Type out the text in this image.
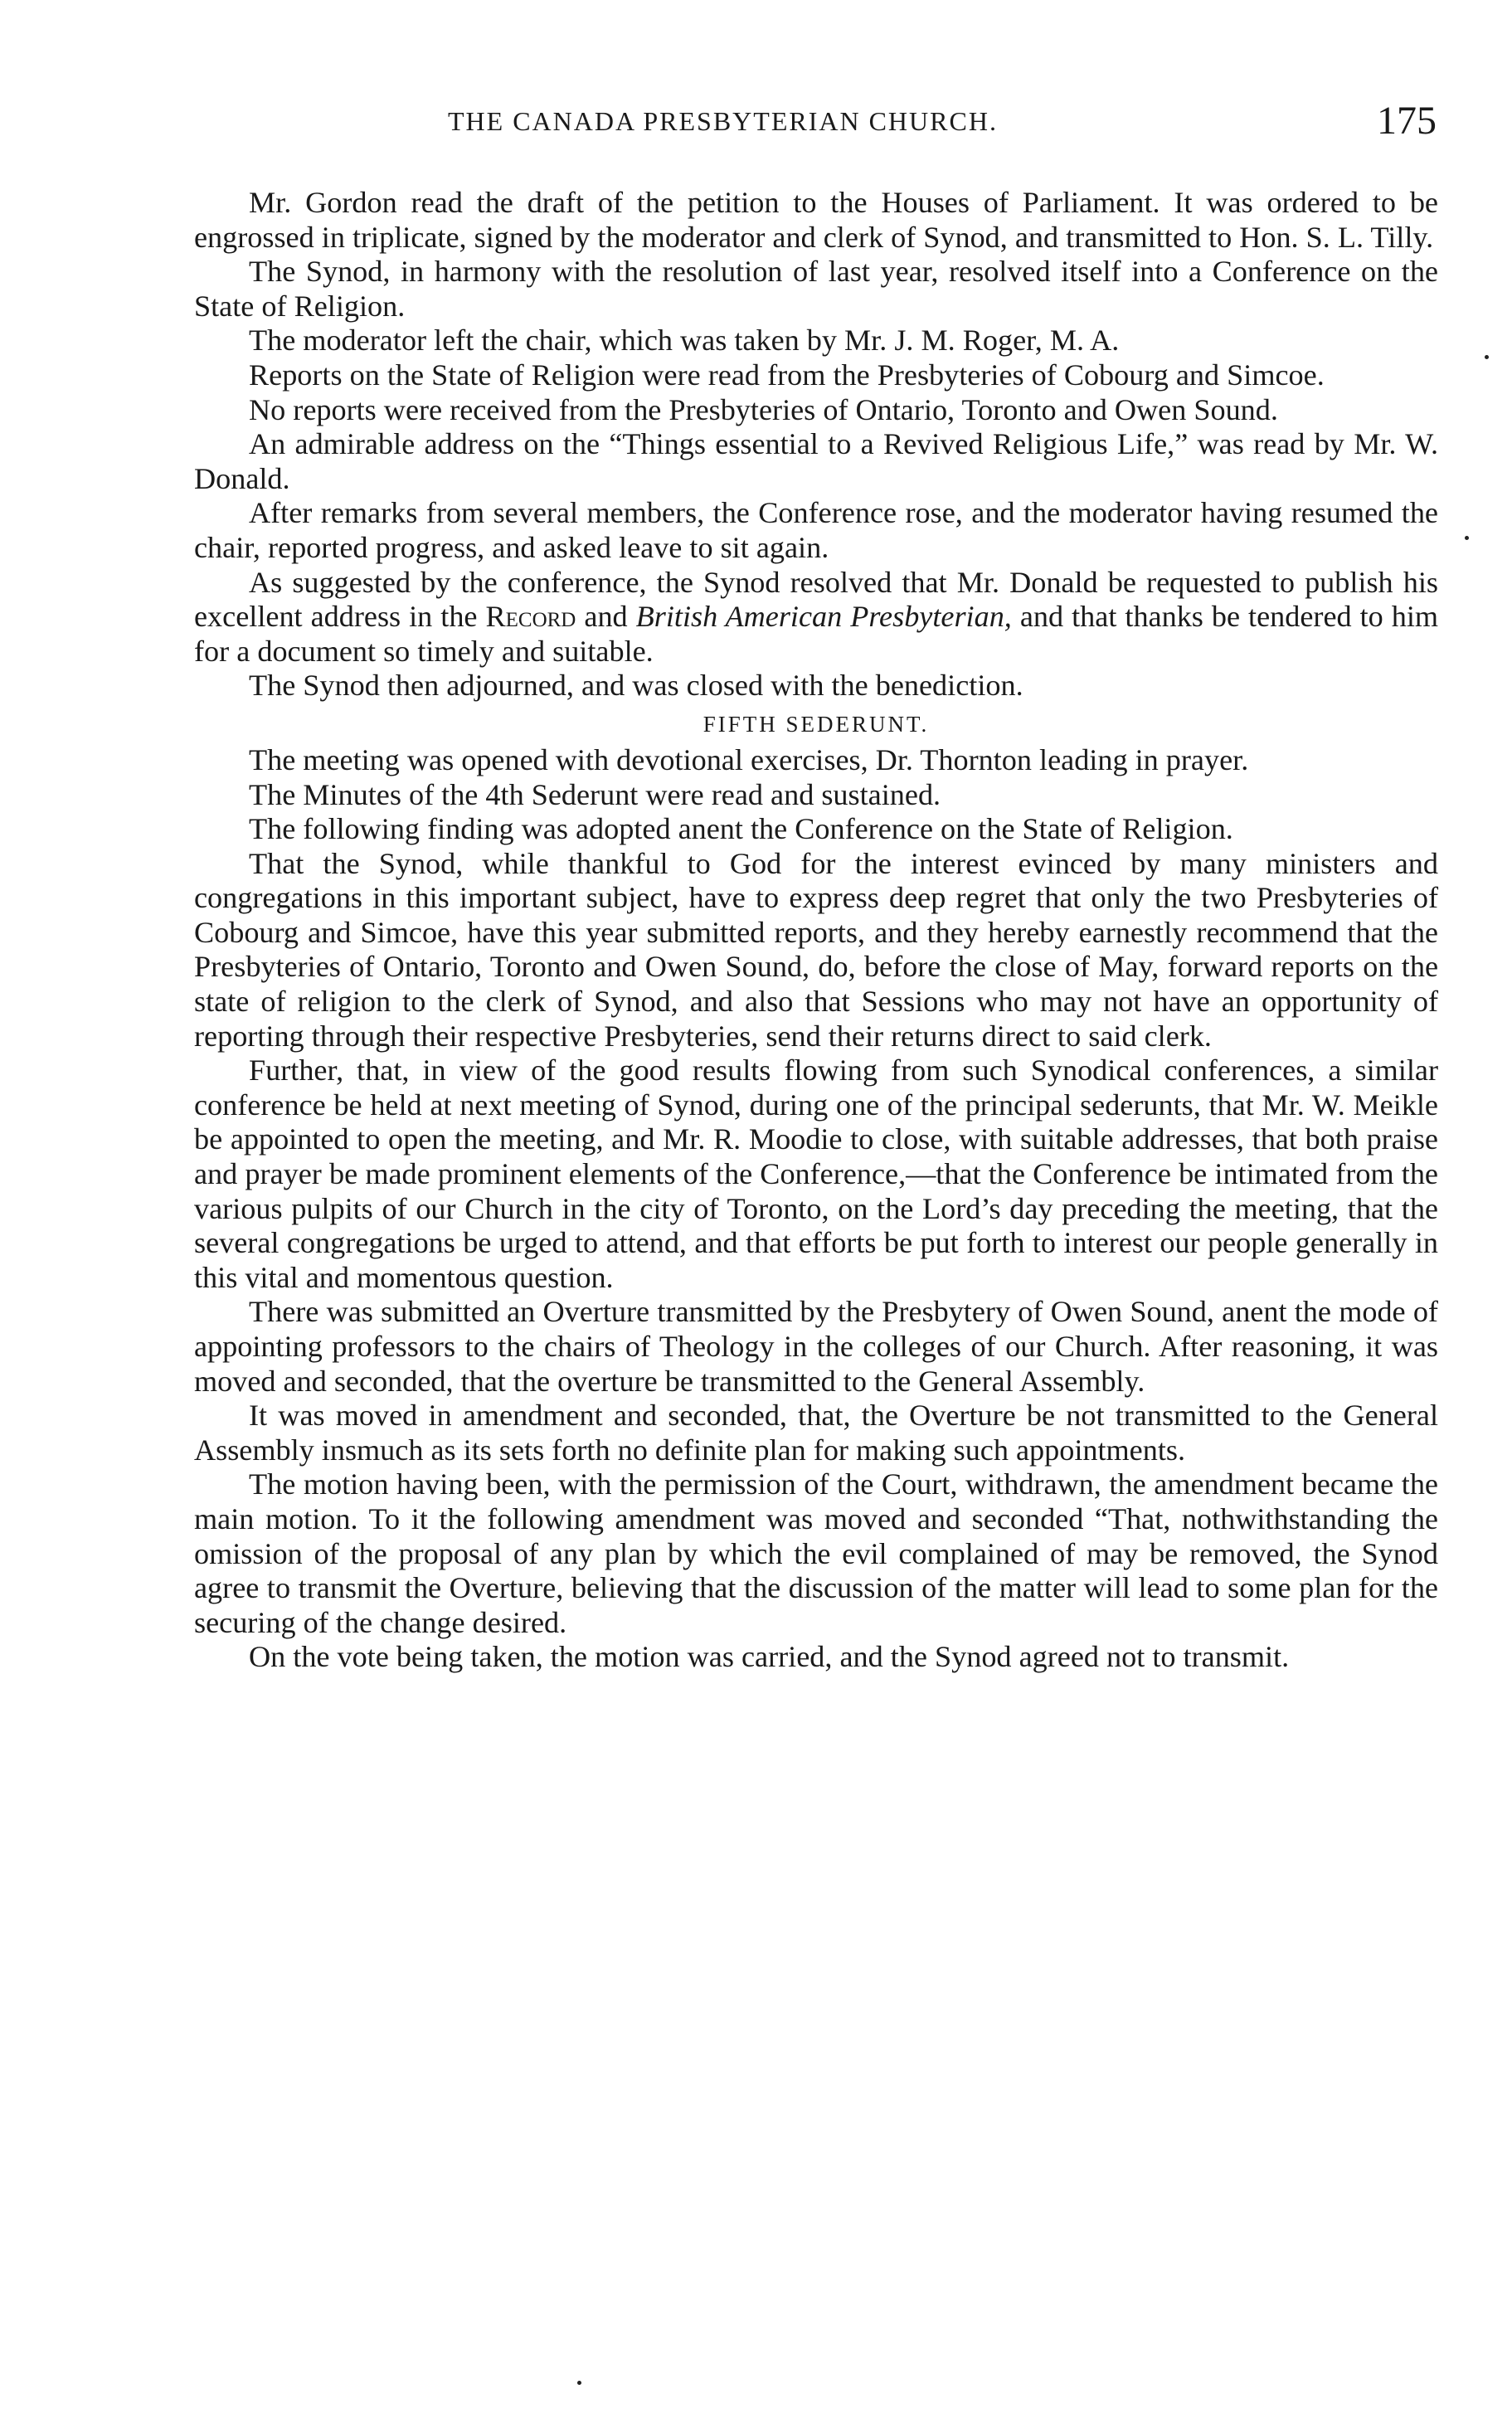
THE CANADA PRESBYTERIAN CHURCH.	175

Mr. Gordon read the draft of the petition to the Houses of Parliament. It was ordered to be engrossed in triplicate, signed by the moderator and clerk of Synod, and transmitted to Hon. S. L. Tilly.

The Synod, in harmony with the resolution of last year, resolved itself into a Conference on the State of Religion.

The moderator left the chair, which was taken by Mr. J. M. Roger, M. A.

Reports on the State of Religion were read from the Presbyteries of Cobourg and Simcoe.

No reports were received from the Presbyteries of Ontario, Toronto and Owen Sound.

An admirable address on the “Things essential to a Revived Religious Life,” was read by Mr. W. Donald.

After remarks from several members, the Conference rose, and the moderator having resumed the chair, reported progress, and asked leave to sit again.

As suggested by the conference, the Synod resolved that Mr. Donald be requested to publish his excellent address in the Record and British American Presbyterian, and that thanks be tendered to him for a document so timely and suitable.

The Synod then adjourned, and was closed with the benediction.

FIFTH SEDERUNT.

The meeting was opened with devotional exercises, Dr. Thornton leading in prayer.

The Minutes of the 4th Sederunt were read and sustained.

The following finding was adopted anent the Conference on the State of Religion.

That the Synod, while thankful to God for the interest evinced by many ministers and congregations in this important subject, have to express deep regret that only the two Presbyteries of Cobourg and Simcoe, have this year submitted reports, and they hereby earnestly recommend that the Presbyteries of Ontario, Toronto and Owen Sound, do, before the close of May, forward reports on the state of religion to the clerk of Synod, and also that Sessions who may not have an opportunity of reporting through their respective Presbyteries, send their returns direct to said clerk.

Further, that, in view of the good results flowing from such Synodical conferences, a similar conference be held at next meeting of Synod, during one of the principal sederunts, that Mr. W. Meikle be appointed to open the meeting, and Mr. R. Moodie to close, with suitable addresses, that both praise and prayer be made prominent elements of the Conference,—that the Conference be intimated from the various pulpits of our Church in the city of Toronto, on the Lord’s day preceding the meeting, that the several congregations be urged to attend, and that efforts be put forth to interest our people generally in this vital and momentous question.

There was submitted an Overture transmitted by the Presbytery of Owen Sound, anent the mode of appointing professors to the chairs of Theology in the colleges of our Church. After reasoning, it was moved and seconded, that the overture be transmitted to the General Assembly.

It was moved in amendment and seconded, that, the Overture be not transmitted to the General Assembly insmuch as its sets forth no definite plan for making such appointments.

The motion having been, with the permission of the Court, withdrawn, the amendment became the main motion. To it the following amendment was moved and seconded “That, nothwithstanding the omission of the proposal of any plan by which the evil complained of may be removed, the Synod agree to transmit the Overture, believing that the discussion of the matter will lead to some plan for the securing of the change desired.

On the vote being taken, the motion was carried, and the Synod agreed not to transmit.
